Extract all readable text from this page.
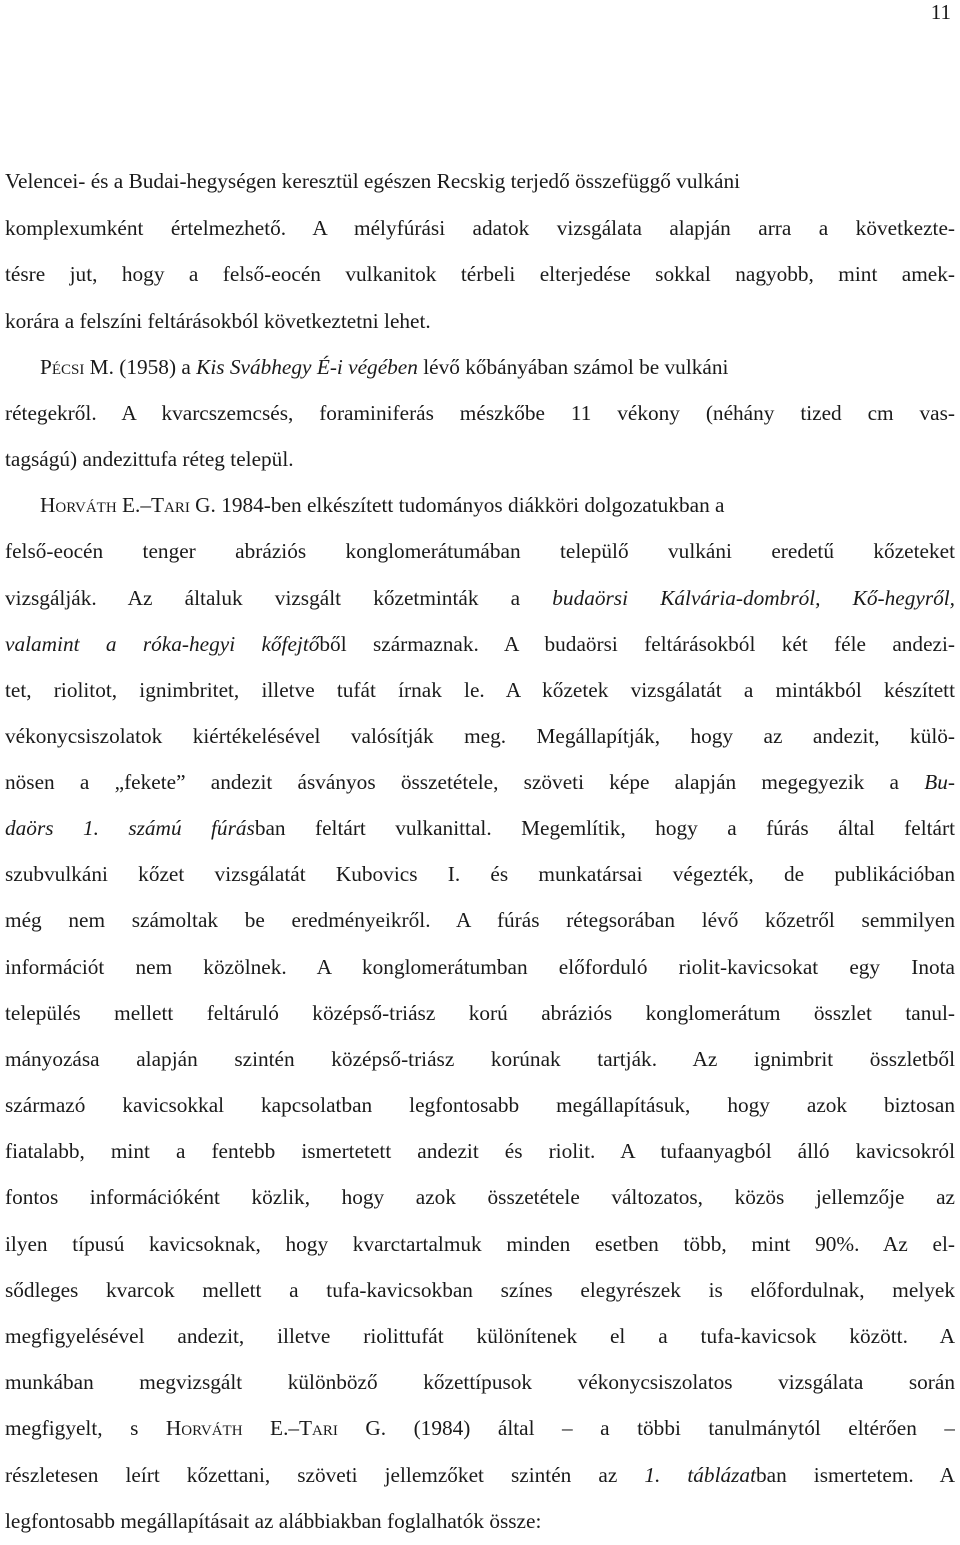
11
Velencei- és a Budai-hegységen keresztül egészen Recskig terjedő összefüggő vulkáni
komplexumként értelmezhető. A mélyfúrási adatok vizsgálata alapján arra a következte-
tésre jut, hogy a felső-eocén vulkanitok térbeli elterjedése sokkal nagyobb, mint amek-
korára a felszíni feltárásokból következtetni lehet.
Pécsi M. (1958) a Kis Svábhegy É-i végében lévő kőbányában számol be vulkáni
rétegekről. A kvarcszemcsés, foraminiferás mészkőbe 11 vékony (néhány tized cm vas-
tagságú) andezittufa réteg települ.
Horváth E.–Tari G. 1984-ben elkészített tudományos diákköri dolgozatukban a
felső-eocén tenger abráziós konglomerátumában települő vulkáni eredetű kőzeteket
vizsgálják. Az általuk vizsgált kőzetminták a budaörsi Kálvária-dombról, Kő-hegyről,
valamint a róka-hegyi kőfejtőből származnak. A budaörsi feltárásokból két féle andezi-
tet, riolitot, ignimbritet, illetve tufát írnak le. A kőzetek vizsgálatát a mintákból készített
vékonycsiszolatok kiértékelésével valósítják meg. Megállapítják, hogy az andezit, külö-
nösen a „fekete” andezit ásványos összetétele, szöveti képe alapján megegyezik a Bu-
daörs 1. számú fúrásban feltárt vulkanittal. Megemlítik, hogy a fúrás által feltárt
szubvulkáni kőzet vizsgálatát Kubovics I. és munkatársai végezték, de publikációban
még nem számoltak be eredményeikről. A fúrás rétegsorában lévő kőzetről semmilyen
információt nem közölnek. A konglomerátumban előforduló riolit-kavicsokat egy Inota
település mellett feltáruló középső-triász korú abráziós konglomerátum összlet tanul-
mányozása alapján szintén középső-triász korúnak tartják. Az ignimbrit összletből
származó kavicsokkal kapcsolatban legfontosabb megállapításuk, hogy azok biztosan
fiatalabb, mint a fentebb ismertetett andezit és riolit. A tufaanyagból álló kavicsokról
fontos információként közlik, hogy azok összetétele változatos, közös jellemzője az
ilyen típusú kavicsoknak, hogy kvarctartalmuk minden esetben több, mint 90%. Az el-
sődleges kvarcok mellett a tufa-kavicsokban színes elegyrészek is előfordulnak, melyek
megfigyelésével andezit, illetve riolittufát különítenek el a tufa-kavicsok között. A
munkában megvizsgált különböző kőzettípusok vékonycsiszolatos vizsgálata során
megfigyelt, s Horváth E.–Tari G. (1984) által – a többi tanulmánytól eltérően –
részletesen leírt kőzettani, szöveti jellemzőket szintén az 1. táblázatban ismertetem. A
legfontosabb megállapításait az alábbiakban foglalhatók össze:
